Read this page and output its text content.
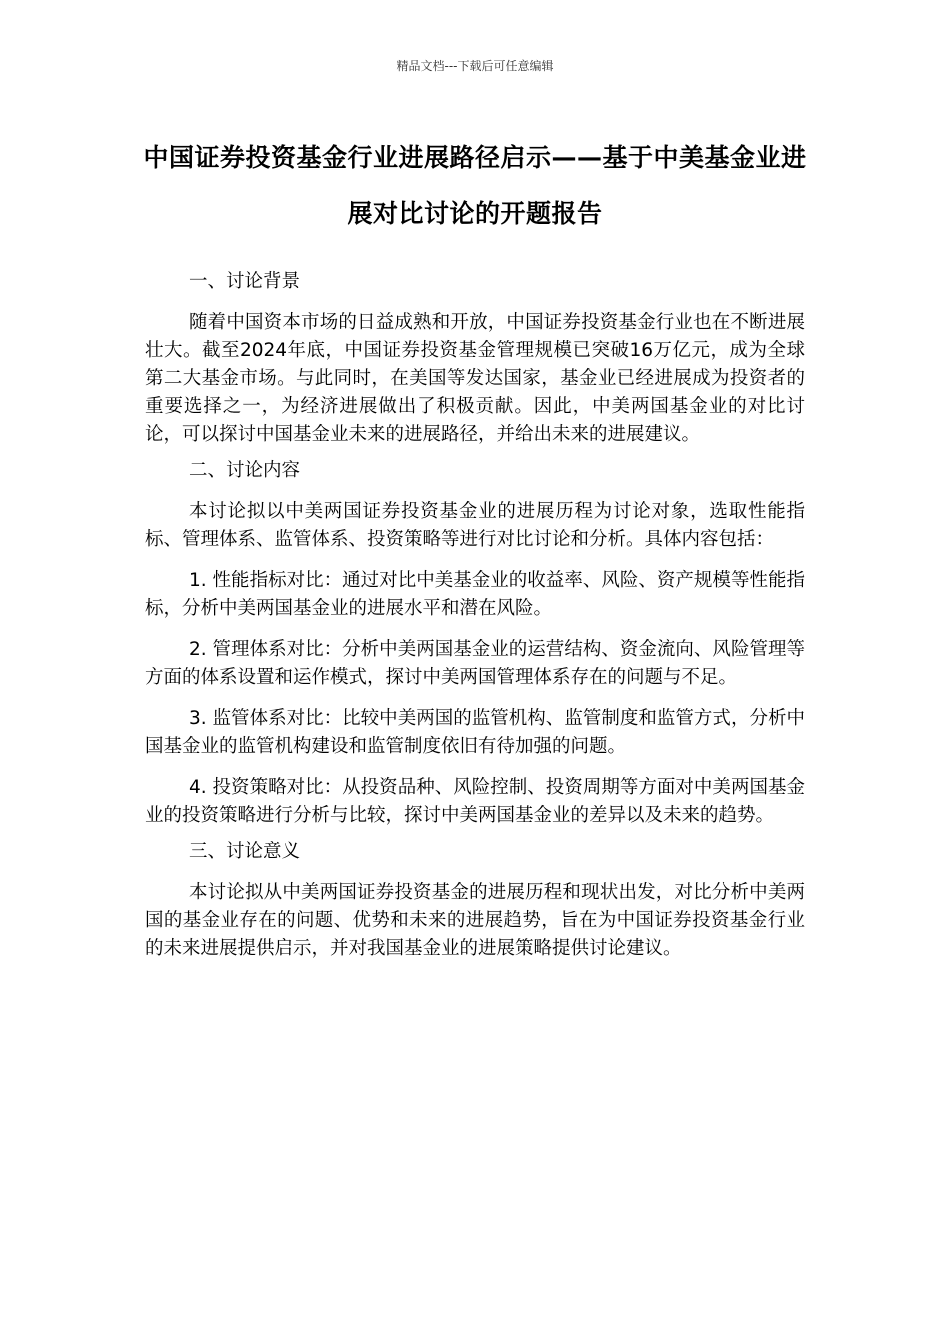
精品文档---下载后可任意编辑
中国证券投资基金行业进展路径启示——基于中美基金业进展对比讨论的开题报告

一、讨论背景

随着中国资本市场的日益成熟和开放，中国证券投资基金行业也在不断进展壮大。截至2024年底，中国证券投资基金管理规模已突破16万亿元，成为全球第二大基金市场。与此同时，在美国等发达国家，基金业已经进展成为投资者的重要选择之一，为经济进展做出了积极贡献。因此，中美两国基金业的对比讨论，可以探讨中国基金业未来的进展路径，并给出未来的进展建议。

二、讨论内容

本讨论拟以中美两国证券投资基金业的进展历程为讨论对象，选取性能指标、管理体系、监管体系、投资策略等进行对比讨论和分析。具体内容包括：

1. 性能指标对比：通过对比中美基金业的收益率、风险、资产规模等性能指标，分析中美两国基金业的进展水平和潜在风险。

2. 管理体系对比：分析中美两国基金业的运营结构、资金流向、风险管理等方面的体系设置和运作模式，探讨中美两国管理体系存在的问题与不足。

3. 监管体系对比：比较中美两国的监管机构、监管制度和监管方式，分析中国基金业的监管机构建设和监管制度依旧有待加强的问题。

4. 投资策略对比：从投资品种、风险控制、投资周期等方面对中美两国基金业的投资策略进行分析与比较，探讨中美两国基金业的差异以及未来的趋势。

三、讨论意义

本讨论拟从中美两国证券投资基金的进展历程和现状出发，对比分析中美两国的基金业存在的问题、优势和未来的进展趋势，旨在为中国证券投资基金行业的未来进展提供启示，并对我国基金业的进展策略提供讨论建议。
